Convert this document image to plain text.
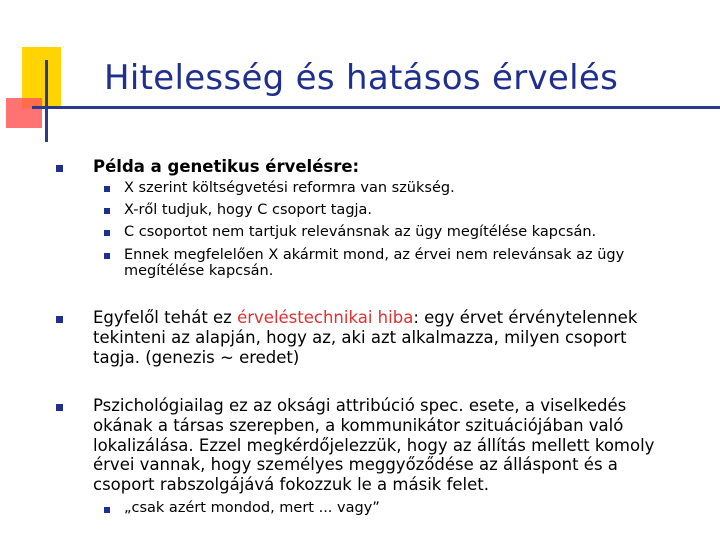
Hitelesség és hatásos érvelés
Példa a genetikus érvelésre:
X szerint költségvetési reformra van szükség.
X-ről tudjuk, hogy C csoport tagja.
C csoportot nem tartjuk relevánsnak az ügy megítélése kapcsán.
Ennek megfelelően X akármit mond, az érvei nem relevánsak az ügy
megítélése kapcsán.
Egyfelől tehát ez érveléstechnikai hiba: egy érvet érvénytelennek
tekinteni az alapján, hogy az, aki azt alkalmazza, milyen csoport
tagja. (genezis ~ eredet)
Pszichológiailag ez az oksági attribúció spec. esete, a viselkedés
okának a társas szerepben, a kommunikátor szituációjában való
lokalizálása. Ezzel megkérdőjelezzük, hogy az állítás mellett komoly
érvei vannak, hogy személyes meggyőződése az álláspont és a
csoport rabszolgájává fokozzuk le a másik felet.
„csak azért mondod, mert ... vagy”
